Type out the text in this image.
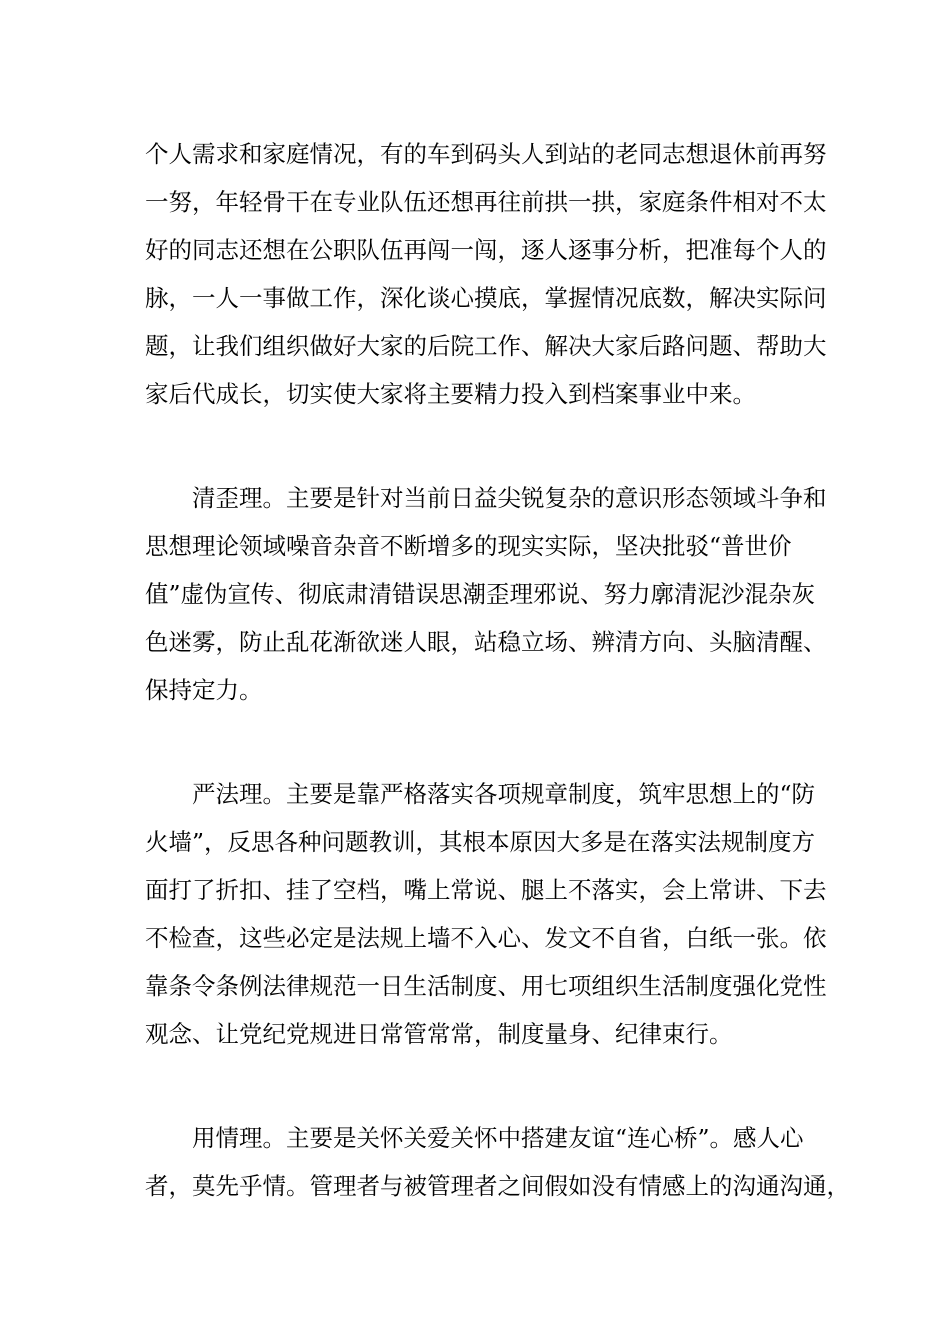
个人需求和家庭情况，有的车到码头人到站的老同志想退休前再努
一努，年轻骨干在专业队伍还想再往前拱一拱，家庭条件相对不太
好的同志还想在公职队伍再闯一闯，逐人逐事分析，把准每个人的
脉，一人一事做工作，深化谈心摸底，掌握情况底数，解决实际问
题，让我们组织做好大家的后院工作、解决大家后路问题、帮助大
家后代成长，切实使大家将主要精力投入到档案事业中来。
　　清歪理。主要是针对当前日益尖锐复杂的意识形态领域斗争和
思想理论领域噪音杂音不断增多的现实实际，坚决批驳“普世价
值”虚伪宣传、彻底肃清错误思潮歪理邪说、努力廓清泥沙混杂灰
色迷雾，防止乱花渐欲迷人眼，站稳立场、辨清方向、头脑清醒、
保持定力。
　　严法理。主要是靠严格落实各项规章制度，筑牢思想上的“防
火墙”，反思各种问题教训，其根本原因大多是在落实法规制度方
面打了折扣、挂了空档，嘴上常说、腿上不落实，会上常讲、下去
不检查，这些必定是法规上墙不入心、发文不自省，白纸一张。依
靠条令条例法律规范一日生活制度、用七项组织生活制度强化党性
观念、让党纪党规进日常管常常，制度量身、纪律束行。
　　用情理。主要是关怀关爱关怀中搭建友谊“连心桥”。感人心
者，莫先乎情。管理者与被管理者之间假如没有情感上的沟通沟通，
